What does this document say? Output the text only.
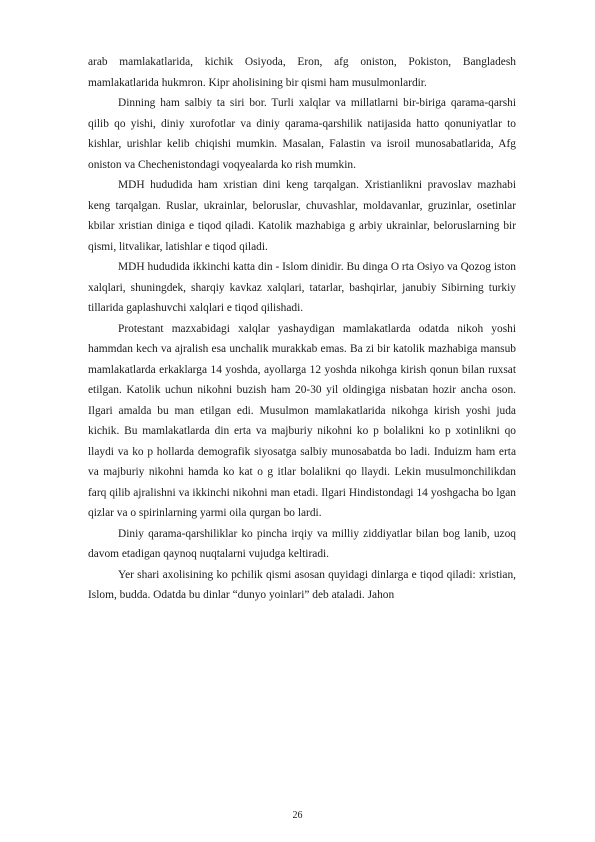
arab mamlakatlarida, kichik Osiyoda, Eron, afg oniston, Pokiston, Bangladesh mamlakatlarida hukmron. Kipr aholisining bir qismi ham musulmonlardir.

Dinning ham salbiy ta siri bor. Turli xalqlar va millatlarni bir-biriga qarama-qarshi qilib qo yishi, diniy xurofotlar va diniy qarama-qarshilik natijasida hatto qonuniyatlar to kishlar, urishlar kelib chiqishi mumkin. Masalan, Falastin va isroil munosabatlarida, Afg oniston va Chechenistondagi voqyealarda ko rish mumkin.

MDH hududida ham xristian dini keng tarqalgan. Xristianlikni pravoslav mazhabi keng tarqalgan. Ruslar, ukrainlar, beloruslar, chuvashlar, moldavanlar, gruzinlar, osetinlar kbilar xristian diniga e tiqod qiladi. Katolik mazhabiga g arbiy ukrainlar, beloruslarning bir qismi, litvalikar, latishlar e tiqod qiladi.

MDH hududida ikkinchi katta din - Islom dinidir. Bu dinga O rta Osiyo va Qozog iston xalqlari, shuningdek, sharqiy kavkaz xalqlari, tatarlar, bashqirlar, janubiy Sibirning turkiy tillarida gaplashuvchi xalqlari e tiqod qilishadi.

Protestant mazxabidagi xalqlar yashaydigan mamlakatlarda odatda nikoh yoshi hammdan kech va ajralish esa unchalik murakkab emas. Ba zi bir katolik mazhabiga mansub mamlakatlarda erkaklarga 14 yoshda, ayollarga 12 yoshda nikohga kirish qonun bilan ruxsat etilgan. Katolik uchun nikohni buzish ham 20-30 yil oldingiga nisbatan hozir ancha oson. Ilgari amalda bu man etilgan edi. Musulmon mamlakatlarida nikohga kirish yoshi juda kichik. Bu mamlakatlarda din erta va majburiy nikohni ko p bolalikni ko p xotinlikni qo llaydi va ko p hollarda demografik siyosatga salbiy munosabatda bo ladi. Induizm ham erta va majburiy nikohni hamda ko kat o g itlar bolalikni qo llaydi. Lekin musulmonchilikdan farq qilib ajralishni va ikkinchi nikohni man etadi. Ilgari Hindistondagi 14 yoshgacha bo lgan qizlar va o spirinlarning yarmi oila qurgan bo lardi.

Diniy qarama-qarshiliklar ko pincha irqiy va milliy ziddiyatlar bilan bog lanib, uzoq davom etadigan qaynoq nuqtalarni vujudga keltiradi.

Yer shari axolisining ko pchilik qismi asosan quyidagi dinlarga e tiqod qiladi: xristian, Islom, budda. Odatda bu dinlar “dunyo yoinlari” deb ataladi. Jahon

26
